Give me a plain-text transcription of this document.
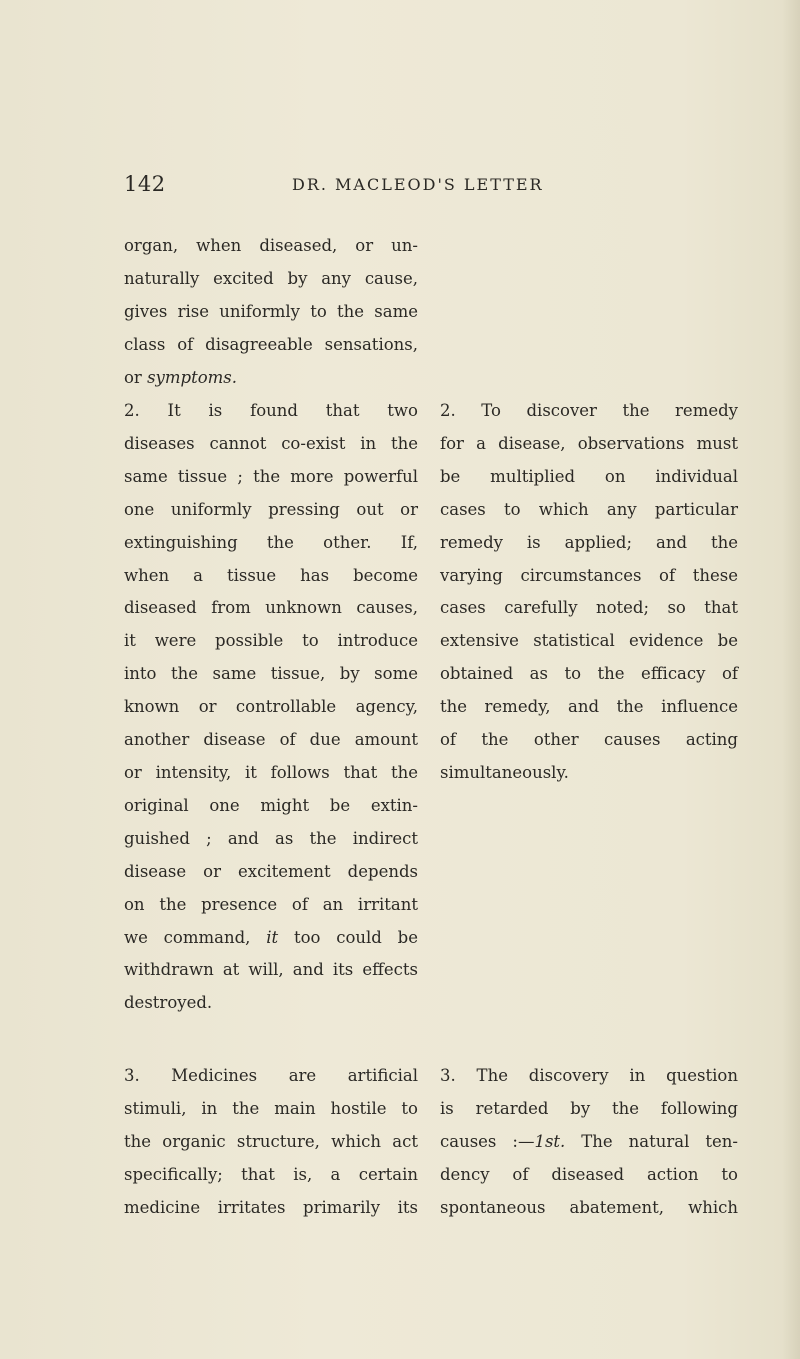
142	DR. MACLEOD'S LETTER
organ, when diseased, or un-
naturally excited by any cause,
gives rise uniformly to the same
class of disagreeable sensations,
or symptoms.
2. It is found that two
diseases cannot co-exist in the
same tissue ; the more powerful
one uniformly pressing out or
extinguishing the other. If,
when a tissue has become
diseased from unknown causes,
it were possible to introduce
into the same tissue, by some
known or controllable agency,
another disease of due amount
or intensity, it follows that the
original one might be extin-
guished ; and as the indirect
disease or excitement depends
on the presence of an irritant
we command, it too could be
withdrawn at will, and its effects
destroyed.
2. To discover the remedy
for a disease, observations must
be multiplied on individual
cases to which any particular
remedy is applied; and the
varying circumstances of these
cases carefully noted; so that
extensive statistical evidence be
obtained as to the efficacy of
the remedy, and the influence
of the other causes acting
simultaneously.
3. Medicines are artificial
stimuli, in the main hostile to
the organic structure, which act
specifically; that is, a certain
medicine irritates primarily its
3. The discovery in question
is retarded by the following
causes :—1st. The natural ten-
dency of diseased action to
spontaneous abatement, which
